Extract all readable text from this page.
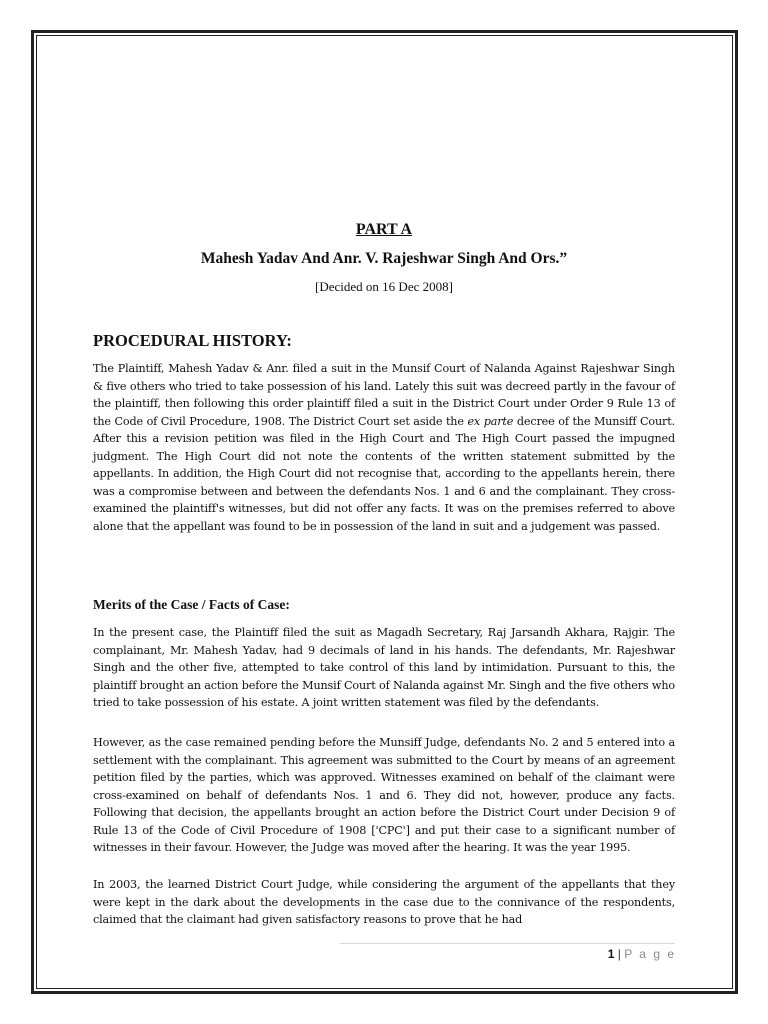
PART A
Mahesh Yadav And Anr. V. Rajeshwar Singh And Ors.”
[Decided on 16 Dec 2008]
PROCEDURAL HISTORY:
The Plaintiff, Mahesh Yadav & Anr. filed a suit in the Munsif Court of Nalanda Against Rajeshwar Singh & five others who tried to take possession of his land. Lately this suit was decreed partly in the favour of the plaintiff, then following this order plaintiff filed a suit in the District Court under Order 9 Rule 13 of the Code of Civil Procedure, 1908. The District Court set aside the ex parte decree of the Munsiff Court. After this a revision petition was filed in the High Court and The High Court passed the impugned judgment. The High Court did not note the contents of the written statement submitted by the appellants. In addition, the High Court did not recognise that, according to the appellants herein, there was a compromise between and between the defendants Nos. 1 and 6 and the complainant. They cross-examined the plaintiff's witnesses, but did not offer any facts. It was on the premises referred to above alone that the appellant was found to be in possession of the land in suit and a judgement was passed.
Merits of the Case / Facts of Case:
In the present case, the Plaintiff filed the suit as Magadh Secretary, Raj Jarsandh Akhara, Rajgir. The complainant, Mr. Mahesh Yadav, had 9 decimals of land in his hands. The defendants, Mr. Rajeshwar Singh and the other five, attempted to take control of this land by intimidation. Pursuant to this, the plaintiff brought an action before the Munsif Court of Nalanda against Mr. Singh and the five others who tried to take possession of his estate. A joint written statement was filed by the defendants.
However, as the case remained pending before the Munsiff Judge, defendants No. 2 and 5 entered into a settlement with the complainant. This agreement was submitted to the Court by means of an agreement petition filed by the parties, which was approved. Witnesses examined on behalf of the claimant were cross-examined on behalf of defendants Nos. 1 and 6. They did not, however, produce any facts. Following that decision, the appellants brought an action before the District Court under Decision 9 of Rule 13 of the Code of Civil Procedure of 1908 ['CPC'] and put their case to a significant number of witnesses in their favour. However, the Judge was moved after the hearing. It was the year 1995.
In 2003, the learned District Court Judge, while considering the argument of the appellants that they were kept in the dark about the developments in the case due to the connivance of the respondents, claimed that the claimant had given satisfactory reasons to prove that he had
1 | P a g e
